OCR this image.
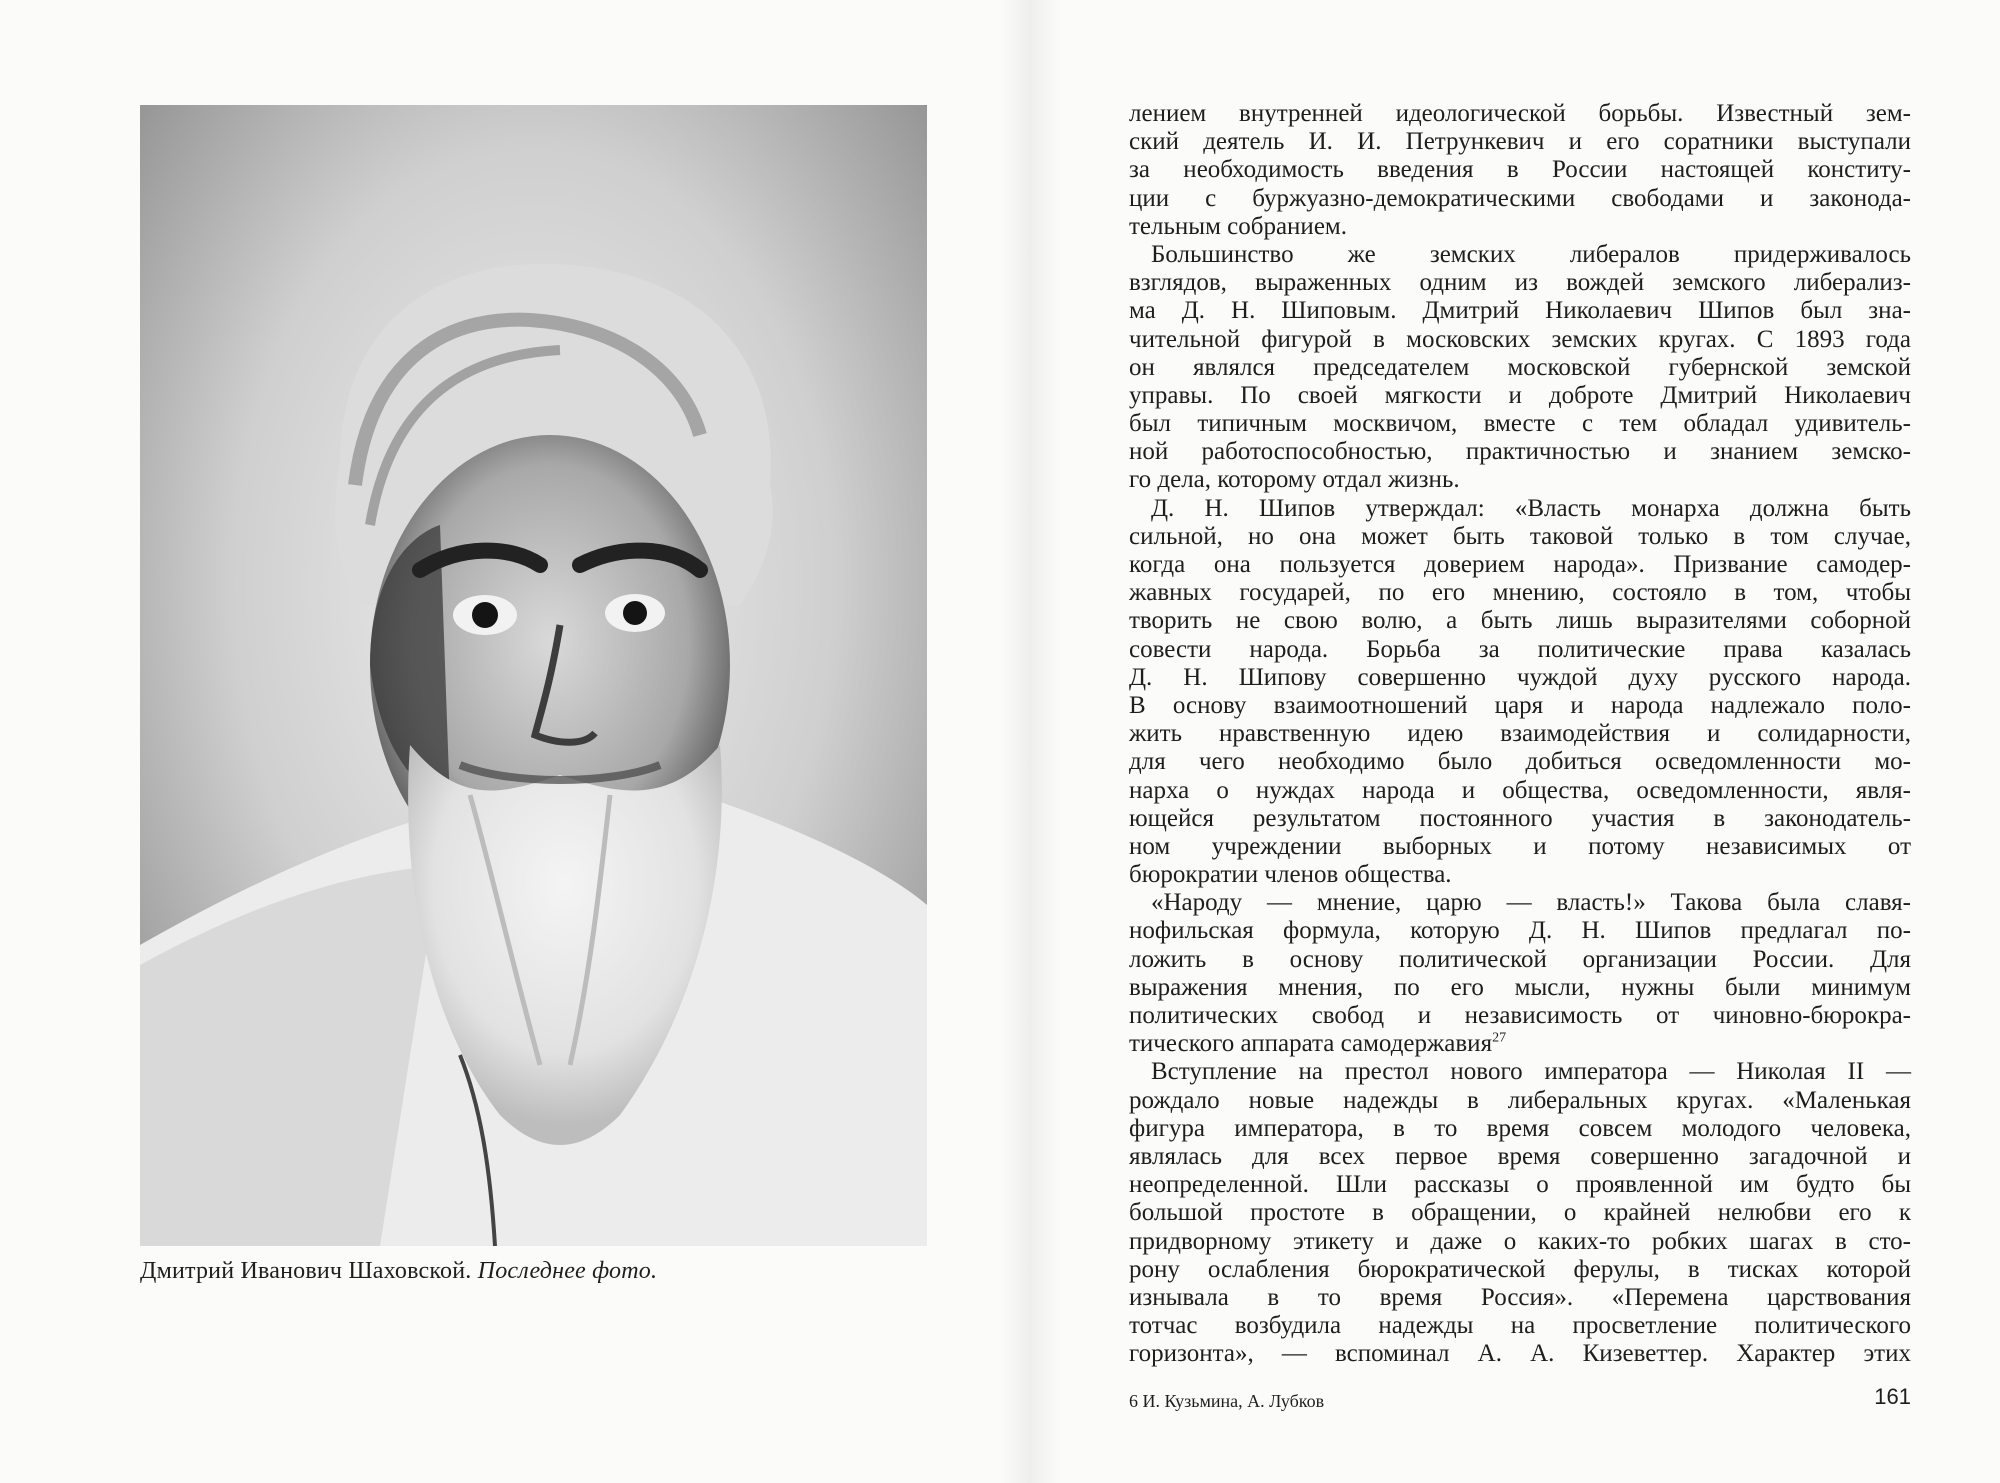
Дмитрий Иванович Шаховской. Последнее фото.
лением внутренней идеологической борьбы. Известный зем-
ский деятель И. И. Петрункевич и его соратники выступали
за необходимость введения в России настоящей конститу-
ции с буржуазно-демократическими свободами и законода-
тельным собранием.
Большинство же земских либералов придерживалось
взглядов, выраженных одним из вождей земского либерализ-
ма Д. Н. Шиповым. Дмитрий Николаевич Шипов был зна-
чительной фигурой в московских земских кругах. С 1893 года
он являлся председателем московской губернской земской
управы. По своей мягкости и доброте Дмитрий Николаевич
был типичным москвичом, вместе с тем обладал удивитель-
ной работоспособностью, практичностью и знанием земско-
го дела, которому отдал жизнь.
Д. Н. Шипов утверждал: «Власть монарха должна быть
сильной, но она может быть таковой только в том случае,
когда она пользуется доверием народа». Призвание самодер-
жавных государей, по его мнению, состояло в том, чтобы
творить не свою волю, а быть лишь выразителями соборной
совести народа. Борьба за политические права казалась
Д. Н. Шипову совершенно чуждой духу русского народа.
В основу взаимоотношений царя и народа надлежало поло-
жить нравственную идею взаимодействия и солидарности,
для чего необходимо было добиться осведомленности мо-
нарха о нуждах народа и общества, осведомленности, явля-
ющейся результатом постоянного участия в законодатель-
ном учреждении выборных и потому независимых от
бюрократии членов общества.
«Народу — мнение, царю — власть!» Такова была славя-
нофильская формула, которую Д. Н. Шипов предлагал по-
ложить в основу политической организации России. Для
выражения мнения, по его мысли, нужны были минимум
политических свобод и независимость от чиновно-бюрокра-
тического аппарата самодержавия$^{27}$
Вступление на престол нового императора — Николая II —
рождало новые надежды в либеральных кругах. «Маленькая
фигура императора, в то время совсем молодого человека,
являлась для всех первое время совершенно загадочной и
неопределенной. Шли рассказы о проявленной им будто бы
большой простоте в обращении, о крайней нелюбви его к
придворному этикету и даже о каких-то робких шагах в сто-
рону ослабления бюрократической ферулы, в тисках которой
изнывала в то время Россия». «Перемена царствования
тотчас возбудила надежды на просветление политического
горизонта», — вспоминал А. А. Кизеветтер. Характер этих
6 И. Кузьмина, А. Лубков	161
